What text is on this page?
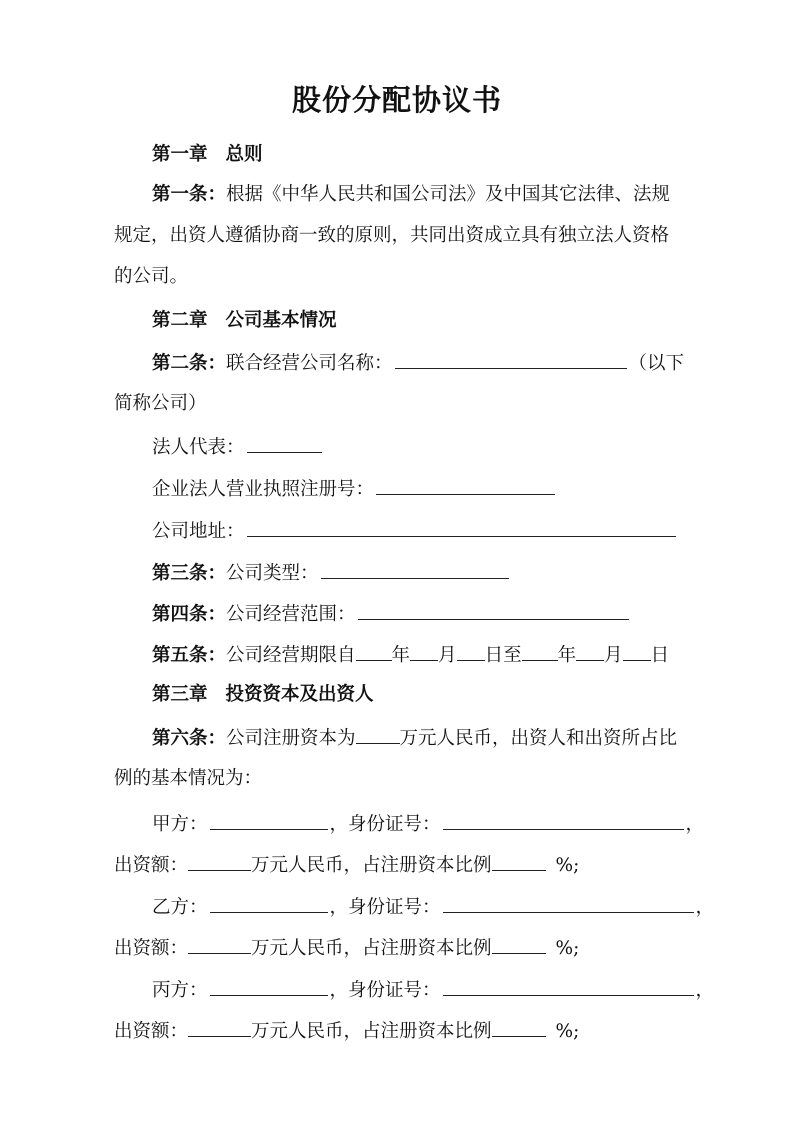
股份分配协议书
第一章 总则
第一条：根据《中华人民共和国公司法》及中国其它法律、法规
规定，出资人遵循协商一致的原则，共同出资成立具有独立法人资格
的公司。
第二章 公司基本情况
第二条：联合经营公司名称：	（以下
简称公司）
法人代表：
企业法人营业执照注册号：
公司地址：
第三条：公司类型：
第四条：公司经营范围：
第五条：公司经营期限自 年 月 日至 年 月 日
第三章 投资资本及出资人
第六条：公司注册资本为 万元人民币，出资人和出资所占比
例的基本情况为：
甲方：	，身份证号：	，
出资额：	万元人民币，占注册资本比例	%;
乙方：	，身份证号：	，
出资额：	万元人民币，占注册资本比例	%;
丙方：	，身份证号：	，
出资额：	万元人民币，占注册资本比例	%;
